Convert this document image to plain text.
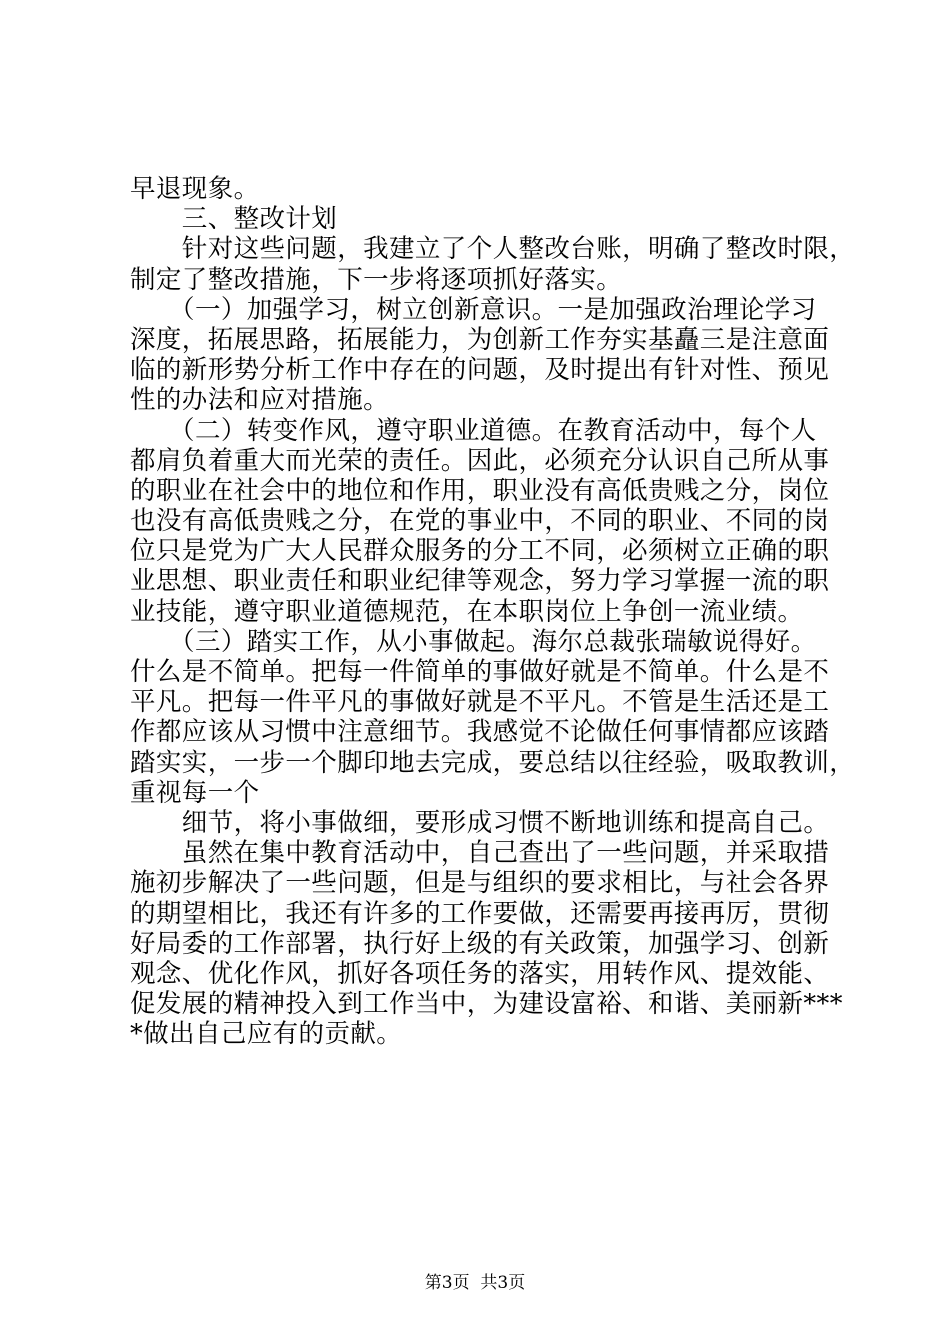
早退现象。
　　三、整改计划
　　针对这些问题，我建立了个人整改台账，明确了整改时限，
制定了整改措施，下一步将逐项抓好落实。
　　（一）加强学习，树立创新意识。一是加强政治理论学习
深度，拓展思路，拓展能力，为创新工作夯实基矗三是注意面
临的新形势分析工作中存在的问题，及时提出有针对性、预见
性的办法和应对措施。
　　（二）转变作风，遵守职业道德。在教育活动中，每个人
都肩负着重大而光荣的责任。因此，必须充分认识自己所从事
的职业在社会中的地位和作用，职业没有高低贵贱之分，岗位
也没有高低贵贱之分，在党的事业中，不同的职业、不同的岗
位只是党为广大人民群众服务的分工不同，必须树立正确的职
业思想、职业责任和职业纪律等观念，努力学习掌握一流的职
业技能，遵守职业道德规范，在本职岗位上争创一流业绩。
　　（三）踏实工作，从小事做起。海尔总裁张瑞敏说得好。
什么是不简单。把每一件简单的事做好就是不简单。什么是不
平凡。把每一件平凡的事做好就是不平凡。不管是生活还是工
作都应该从习惯中注意细节。我感觉不论做任何事情都应该踏
踏实实，一步一个脚印地去完成，要总结以往经验，吸取教训，
重视每一个
　　细节，将小事做细，要形成习惯不断地训练和提高自己。
　　虽然在集中教育活动中，自己查出了一些问题，并采取措
施初步解决了一些问题，但是与组织的要求相比，与社会各界
的期望相比，我还有许多的工作要做，还需要再接再厉，贯彻
好局委的工作部署，执行好上级的有关政策，加强学习、创新
观念、优化作风，抓好各项任务的落实，用转作风、提效能、
促发展的精神投入到工作当中，为建设富裕、和谐、美丽新***
*做出自己应有的贡献。
第3页  共3页
